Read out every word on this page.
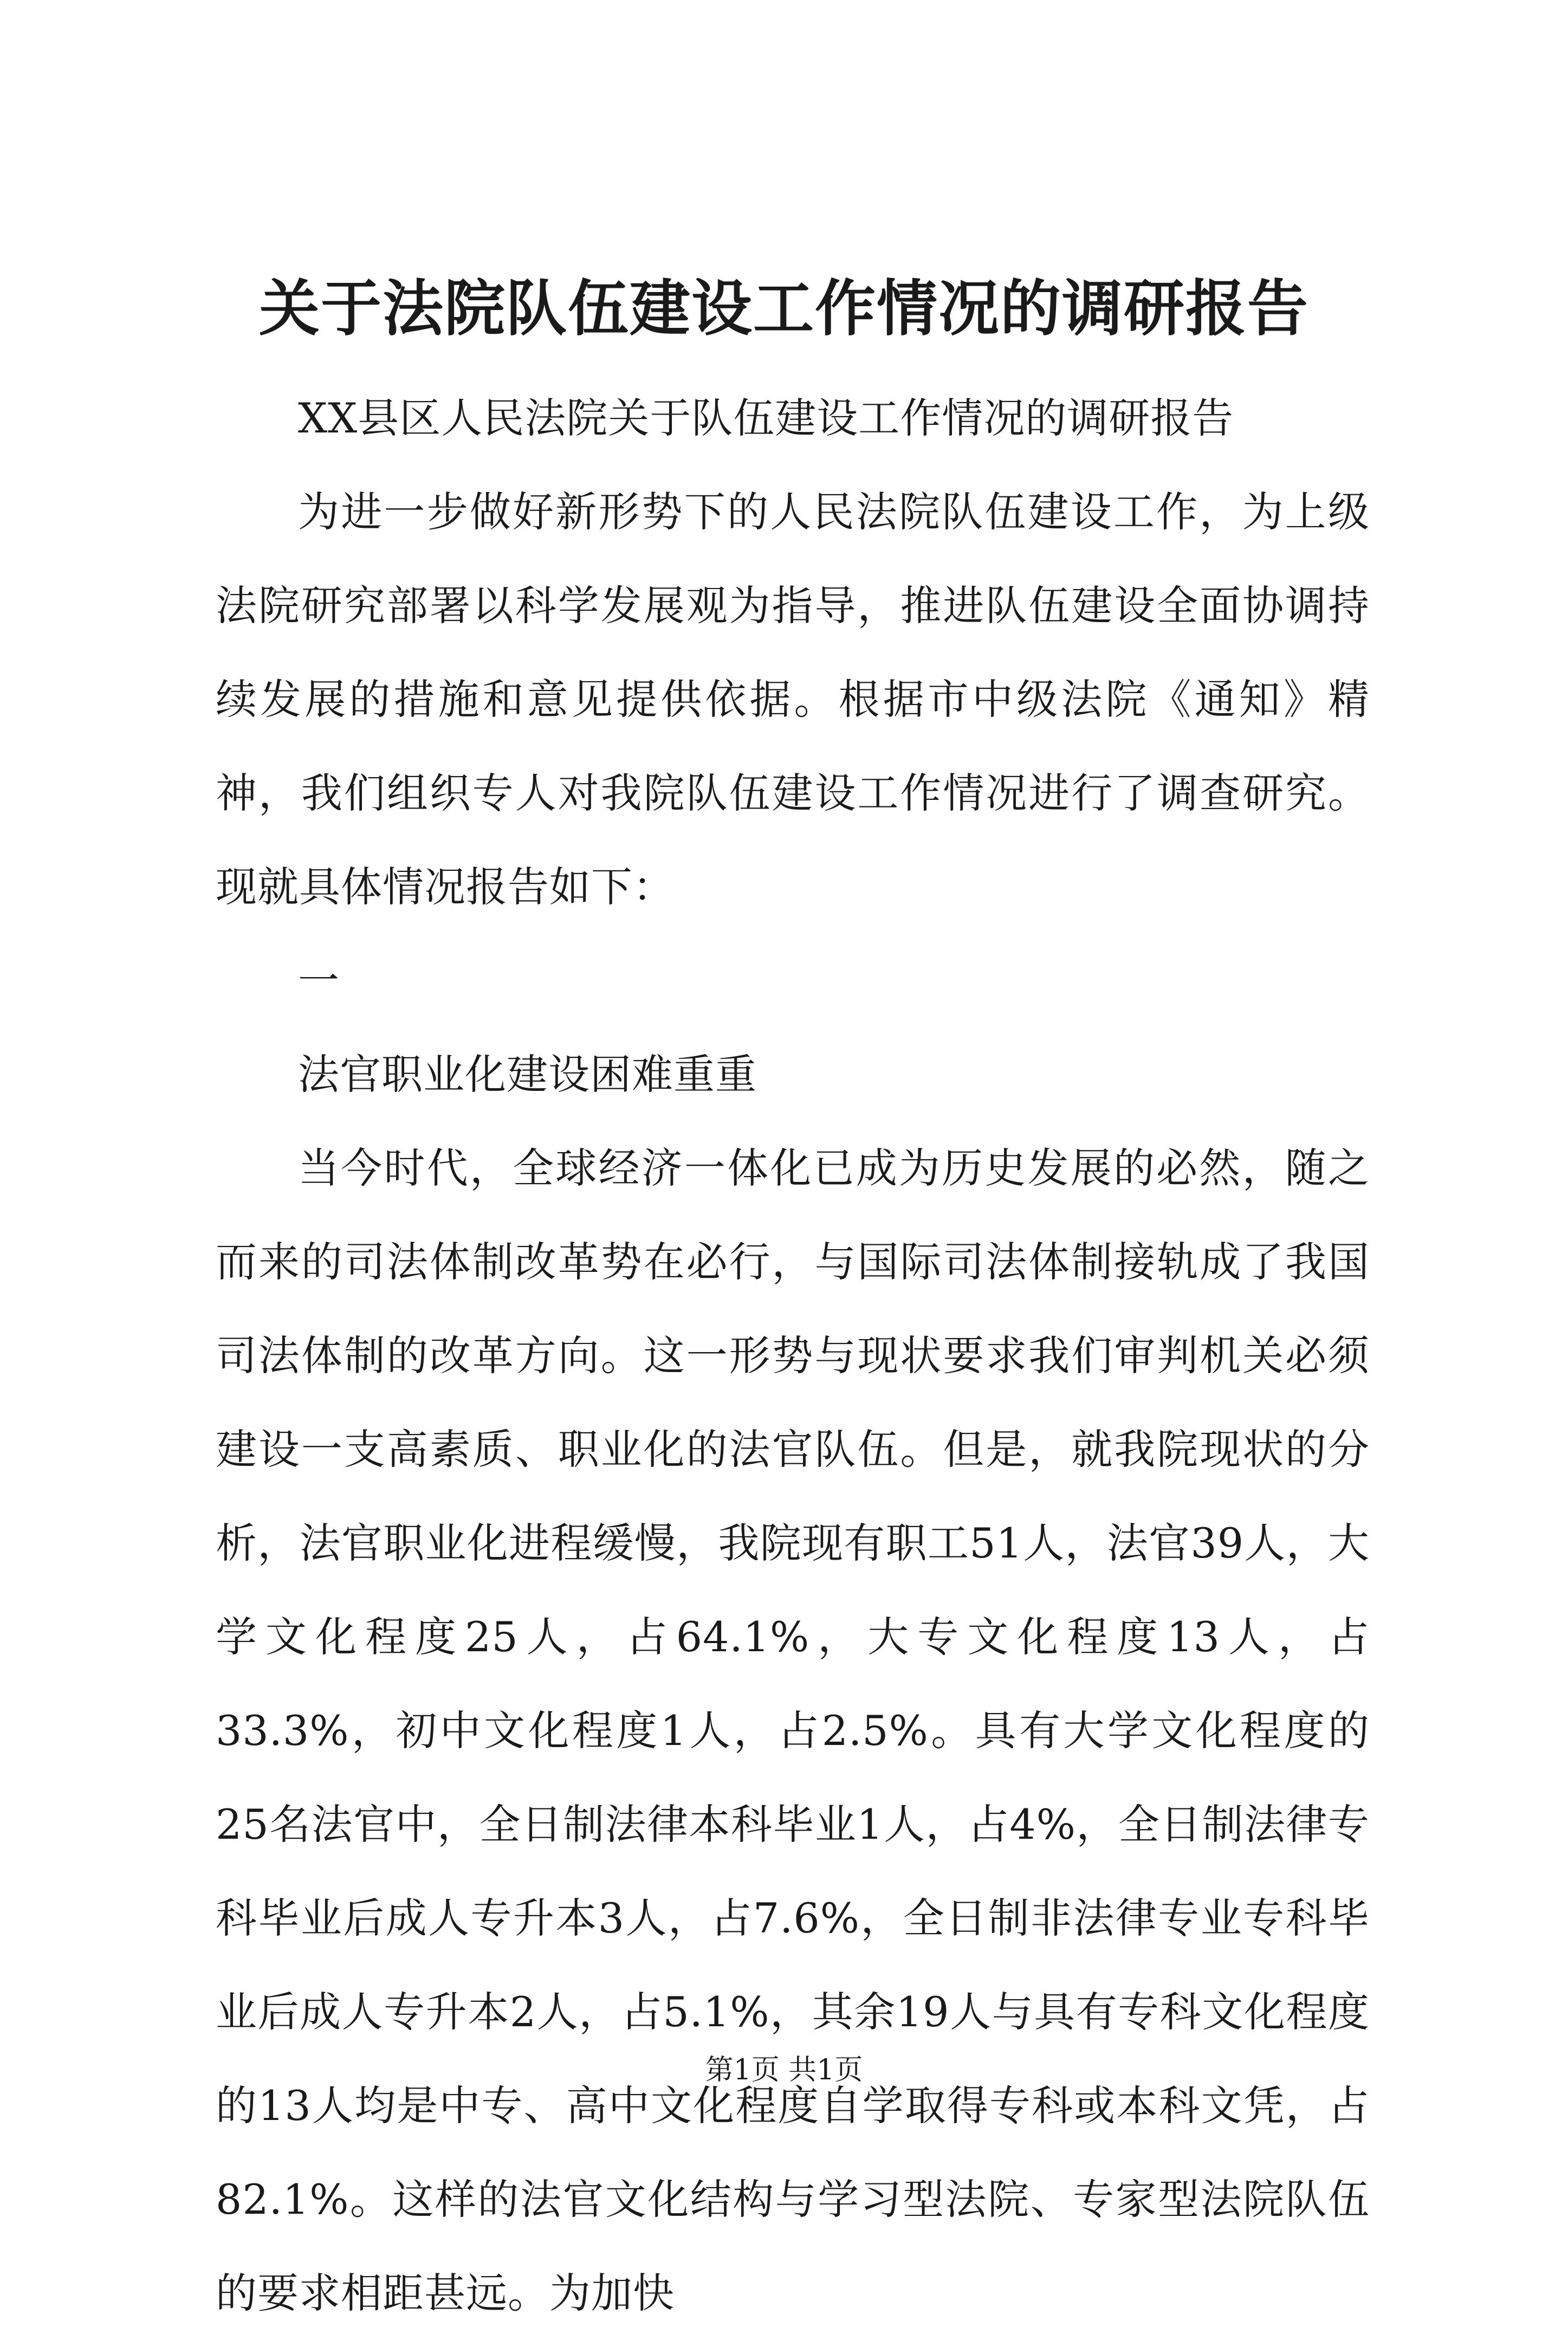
关于法院队伍建设工作情况的调研报告

XX县区人民法院关于队伍建设工作情况的调研报告

为进一步做好新形势下的人民法院队伍建设工作，为上级法院研究部署以科学发展观为指导，推进队伍建设全面协调持续发展的措施和意见提供依据。根据市中级法院《通知》精神，我们组织专人对我院队伍建设工作情况进行了调查研究。现就具体情况报告如下：

一

法官职业化建设困难重重

当今时代，全球经济一体化已成为历史发展的必然，随之而来的司法体制改革势在必行，与国际司法体制接轨成了我国司法体制的改革方向。这一形势与现状要求我们审判机关必须建设一支高素质、职业化的法官队伍。但是，就我院现状的分析，法官职业化进程缓慢，我院现有职工51人，法官39人，大学文化程度25人，占64.1%，大专文化程度13人，占33.3%，初中文化程度1人，占2.5%。具有大学文化程度的25名法官中，全日制法律本科毕业1人，占4%，全日制法律专科毕业后成人专升本3人，占7.6%，全日制非法律专业专科毕业后成人专升本2人，占5.1%，其余19人与具有专科文化程度的13人均是中专、高中文化程度自学取得专科或本科文凭，占82.1%。这样的法官文化结构与学习型法院、专家型法院队伍的要求相距甚远。为加快

第1页 共1页
